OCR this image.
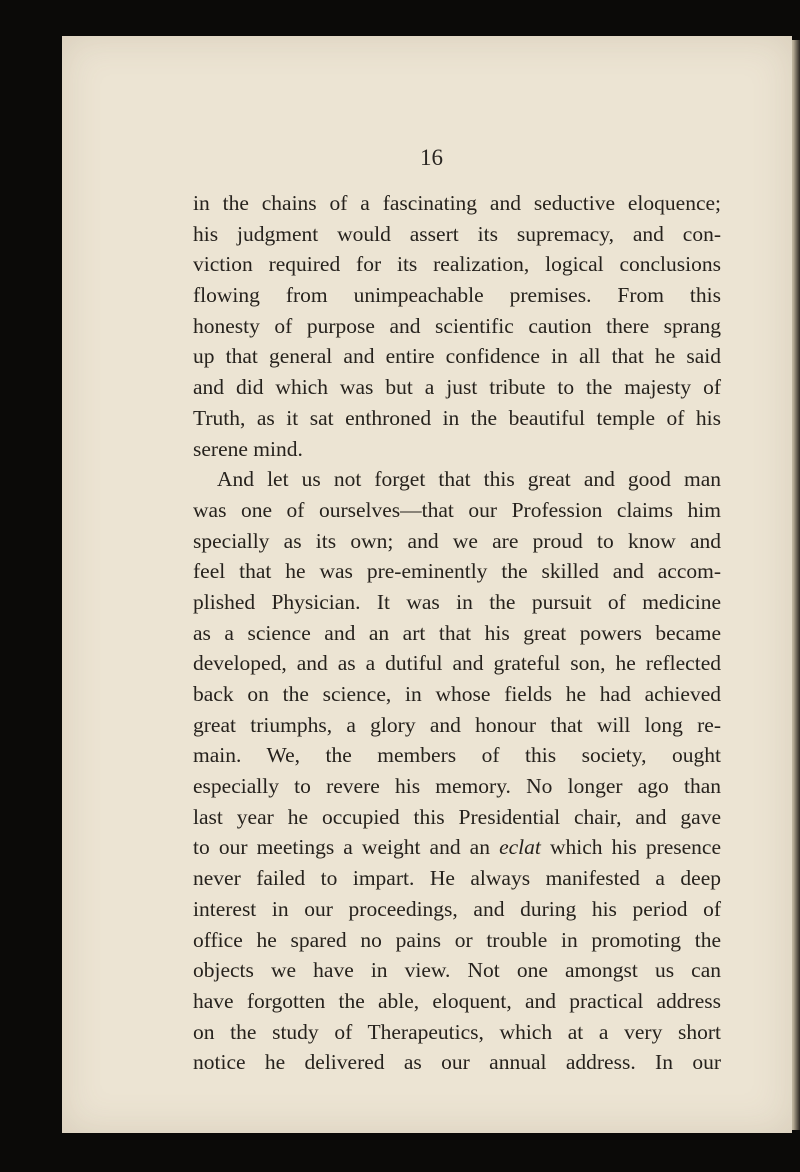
16
in the chains of a fascinating and seductive eloquence;
his judgment would assert its supremacy, and con-
viction required for its realization, logical conclusions
flowing from unimpeachable premises. From this
honesty of purpose and scientific caution there sprang
up that general and entire confidence in all that he said
and did which was but a just tribute to the majesty of
Truth, as it sat enthroned in the beautiful temple of his
serene mind.
And let us not forget that this great and good man
was one of ourselves—that our Profession claims him
specially as its own; and we are proud to know and
feel that he was pre-eminently the skilled and accom-
plished Physician. It was in the pursuit of medicine
as a science and an art that his great powers became
developed, and as a dutiful and grateful son, he reflected
back on the science, in whose fields he had achieved
great triumphs, a glory and honour that will long re-
main. We, the members of this society, ought
especially to revere his memory. No longer ago than
last year he occupied this Presidential chair, and gave
to our meetings a weight and an eclat which his presence
never failed to impart. He always manifested a deep
interest in our proceedings, and during his period of
office he spared no pains or trouble in promoting the
objects we have in view. Not one amongst us can
have forgotten the able, eloquent, and practical address
on the study of Therapeutics, which at a very short
notice he delivered as our annual address. In our
